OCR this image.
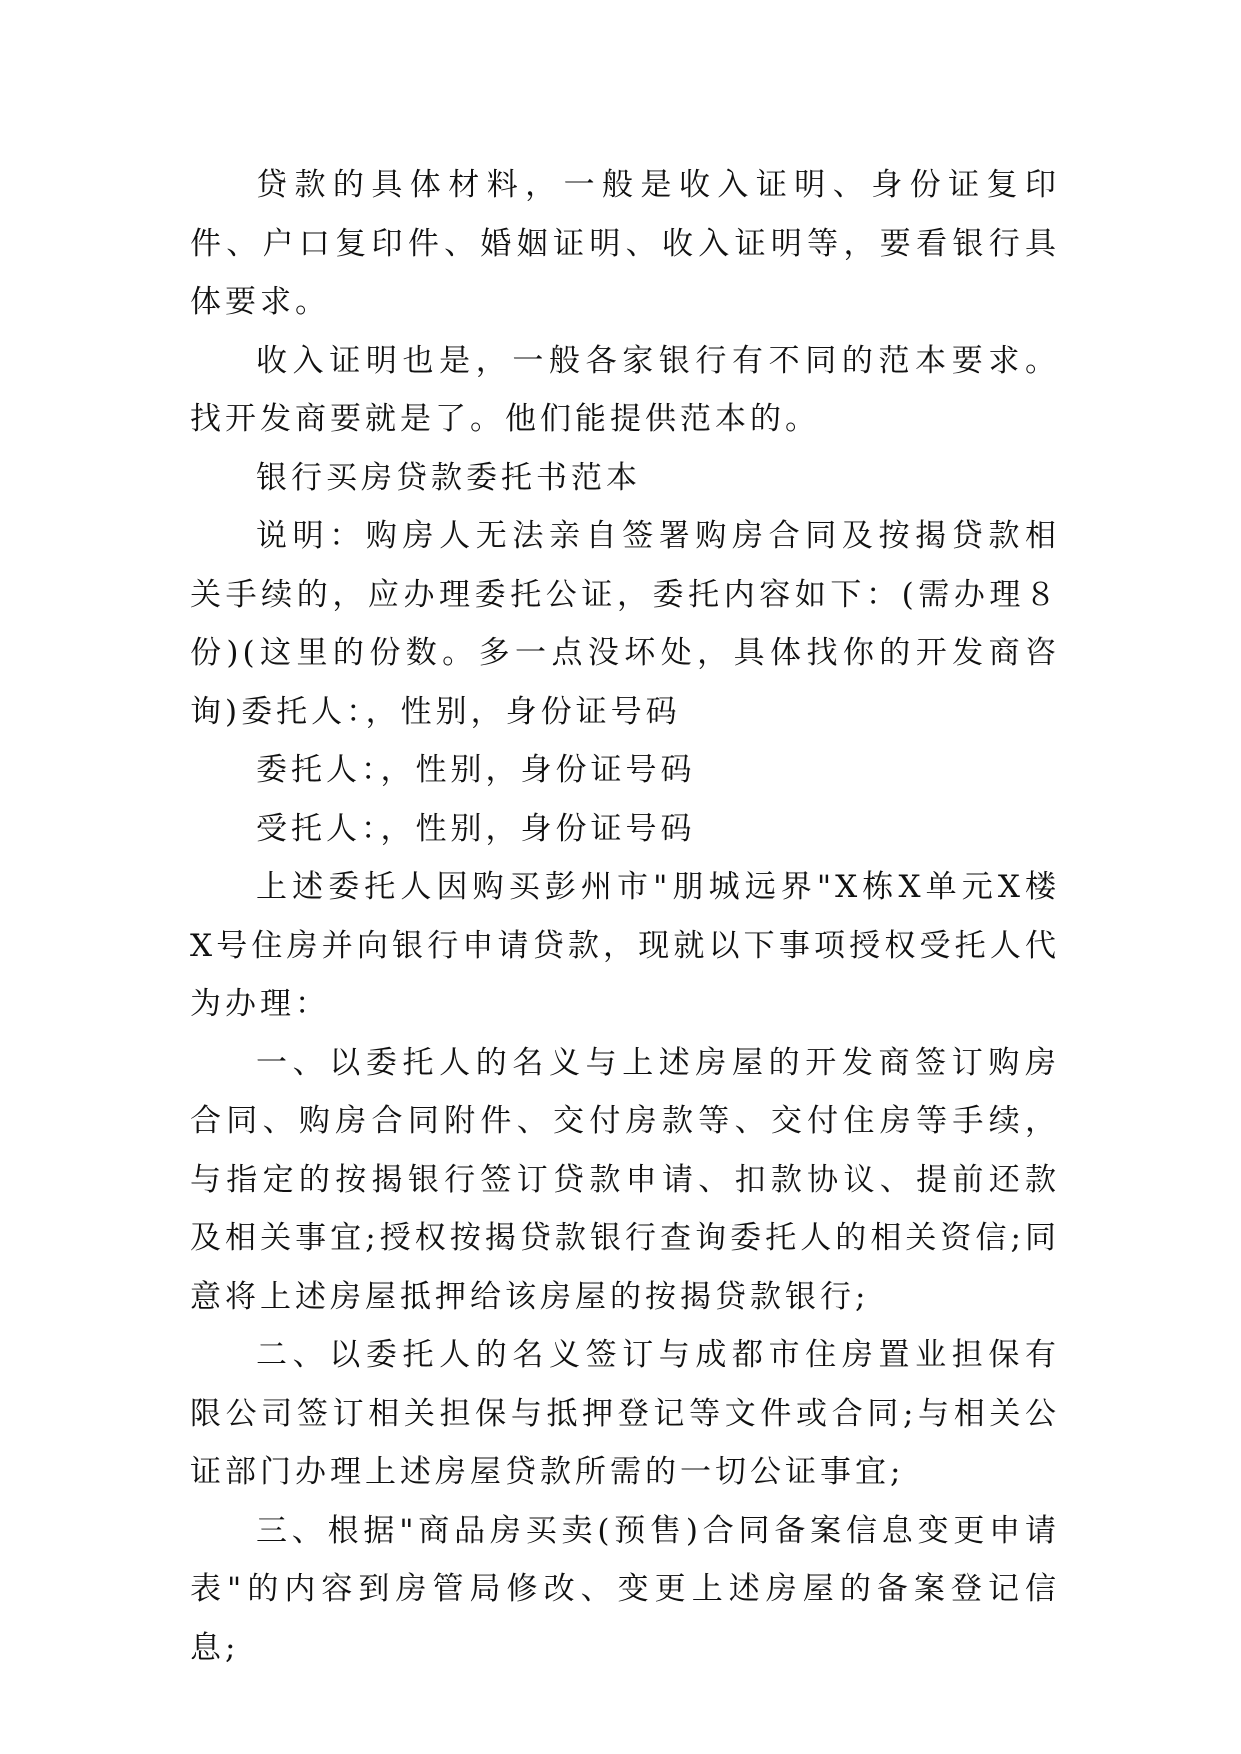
贷款的具体材料，一般是收入证明、身份证复印件、户口复印件、婚姻证明、收入证明等，要看银行具体要求。

收入证明也是，一般各家银行有不同的范本要求。找开发商要就是了。他们能提供范本的。

银行买房贷款委托书范本

说明：购房人无法亲自签署购房合同及按揭贷款相关手续的，应办理委托公证，委托内容如下：(需办理８份)(这里的份数。多一点没坏处，具体找你的开发商咨询)委托人：，性别，身份证号码

委托人：，性别，身份证号码

受托人：，性别，身份证号码

上述委托人因购买彭州市"朋城远界"X栋X单元X楼X号住房并向银行申请贷款，现就以下事项授权受托人代为办理：

一、以委托人的名义与上述房屋的开发商签订购房合同、购房合同附件、交付房款等、交付住房等手续，与指定的按揭银行签订贷款申请、扣款协议、提前还款及相关事宜;授权按揭贷款银行查询委托人的相关资信;同意将上述房屋抵押给该房屋的按揭贷款银行;

二、以委托人的名义签订与成都市住房置业担保有限公司签订相关担保与抵押登记等文件或合同;与相关公证部门办理上述房屋贷款所需的一切公证事宜;

三、根据"商品房买卖(预售)合同备案信息变更申请表"的内容到房管局修改、变更上述房屋的备案登记信息;
